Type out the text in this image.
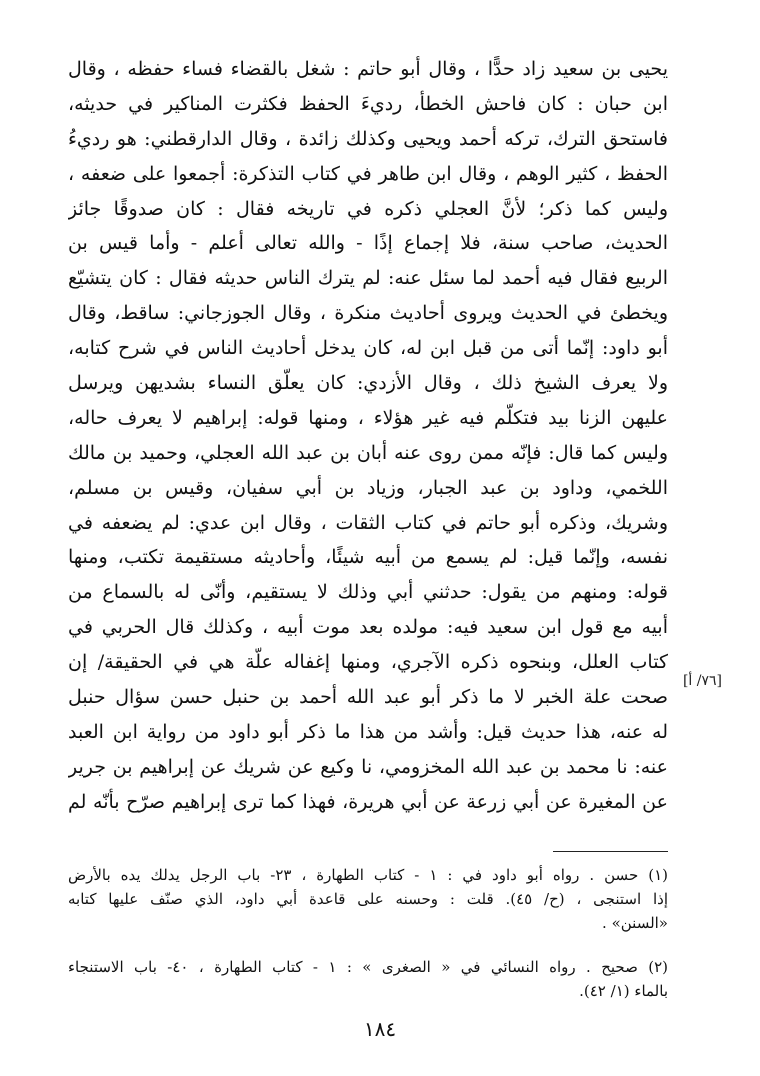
يحيى بن سعيد زاد حدًّا ، وقال أبو حاتم : شغل بالقضاء فساء حفظه ، وقال
ابن حبان : كان فاحش الخطأ، رديءَ الحفظ فكثرت المناكير في حديثه،
فاستحق الترك، تركه أحمد ويحيى وكذلك زائدة ، وقال الدارقطني: هو رديءُ
الحفظ ، كثير الوهم ، وقال ابن طاهر في كتاب التذكرة: أجمعوا على ضعفه ،
وليس كما ذكر؛ لأنَّ العجلي ذكره في تاريخه فقال : كان صدوقًا جائز
الحديث، صاحب سنة، فلا إجماع إذًا - والله تعالى أعلم - وأما قيس بن
الربيع فقال فيه أحمد لما سئل عنه: لم يترك الناس حديثه فقال : كان يتشيّع
ويخطئ في الحديث ويروى أحاديث منكرة ، وقال الجوزجاني: ساقط، وقال
أبو داود: إنّما أتى من قبل ابن له، كان يدخل أحاديث الناس في شرح كتابه،
ولا يعرف الشيخ ذلك ، وقال الأزدي: كان يعلّق النساء بشديهن ويرسل
عليهن الزنا بيد فتكلّم فيه غير هؤلاء ، ومنها قوله: إبراهيم لا يعرف حاله،
وليس كما قال: فإنّه ممن روى عنه أبان بن عبد الله العجلي، وحميد بن مالك
اللخمي، وداود بن عبد الجبار، وزياد بن أبي سفيان، وقيس بن مسلم،
وشريك، وذكره أبو حاتم في كتاب الثقات ، وقال ابن عدي: لم يضعفه في
نفسه، وإنّما قيل: لم يسمع من أبيه شيئًا، وأحاديثه مستقيمة تكتب، ومنها
قوله: ومنهم من يقول: حدثني أبي وذلك لا يستقيم، وأنّى له بالسماع من
أبيه مع قول ابن سعيد فيه: مولده بعد موت أبيه ، وكذلك قال الحربي في
كتاب العلل، وبنحوه ذكره الآجري، ومنها إغفاله علّة هي في الحقيقة/ إن
صحت علة الخبر لا ما ذكر أبو عبد الله أحمد بن حنبل حسن سؤال حنبل
له عنه، هذا حديث قيل: وأشد من هذا ما ذكر أبو داود من رواية ابن العبد
عنه: نا محمد بن عبد الله المخزومي، نا وكيع عن شريك عن إبراهيم بن جرير
عن المغيرة عن أبي زرعة عن أبي هريرة، فهذا كما ترى إبراهيم صرّح بأنّه لم
[٧٦/ أ]
(١) حسن . رواه أبو داود في : ١ - كتاب الطهارة ، ٢٣- باب الرجل يدلك يده بالأرض
إذا استنجى ، (ح/ ٤٥). قلت : وحسنه على قاعدة أبي داود، الذي صنّف عليها كتابه
«السنن» .
(٢) صحيح . رواه النسائي في « الصغرى » : ١ - كتاب الطهارة ، ٤٠- باب الاستنجاء
بالماء (١/ ٤٢).
١٨٤
